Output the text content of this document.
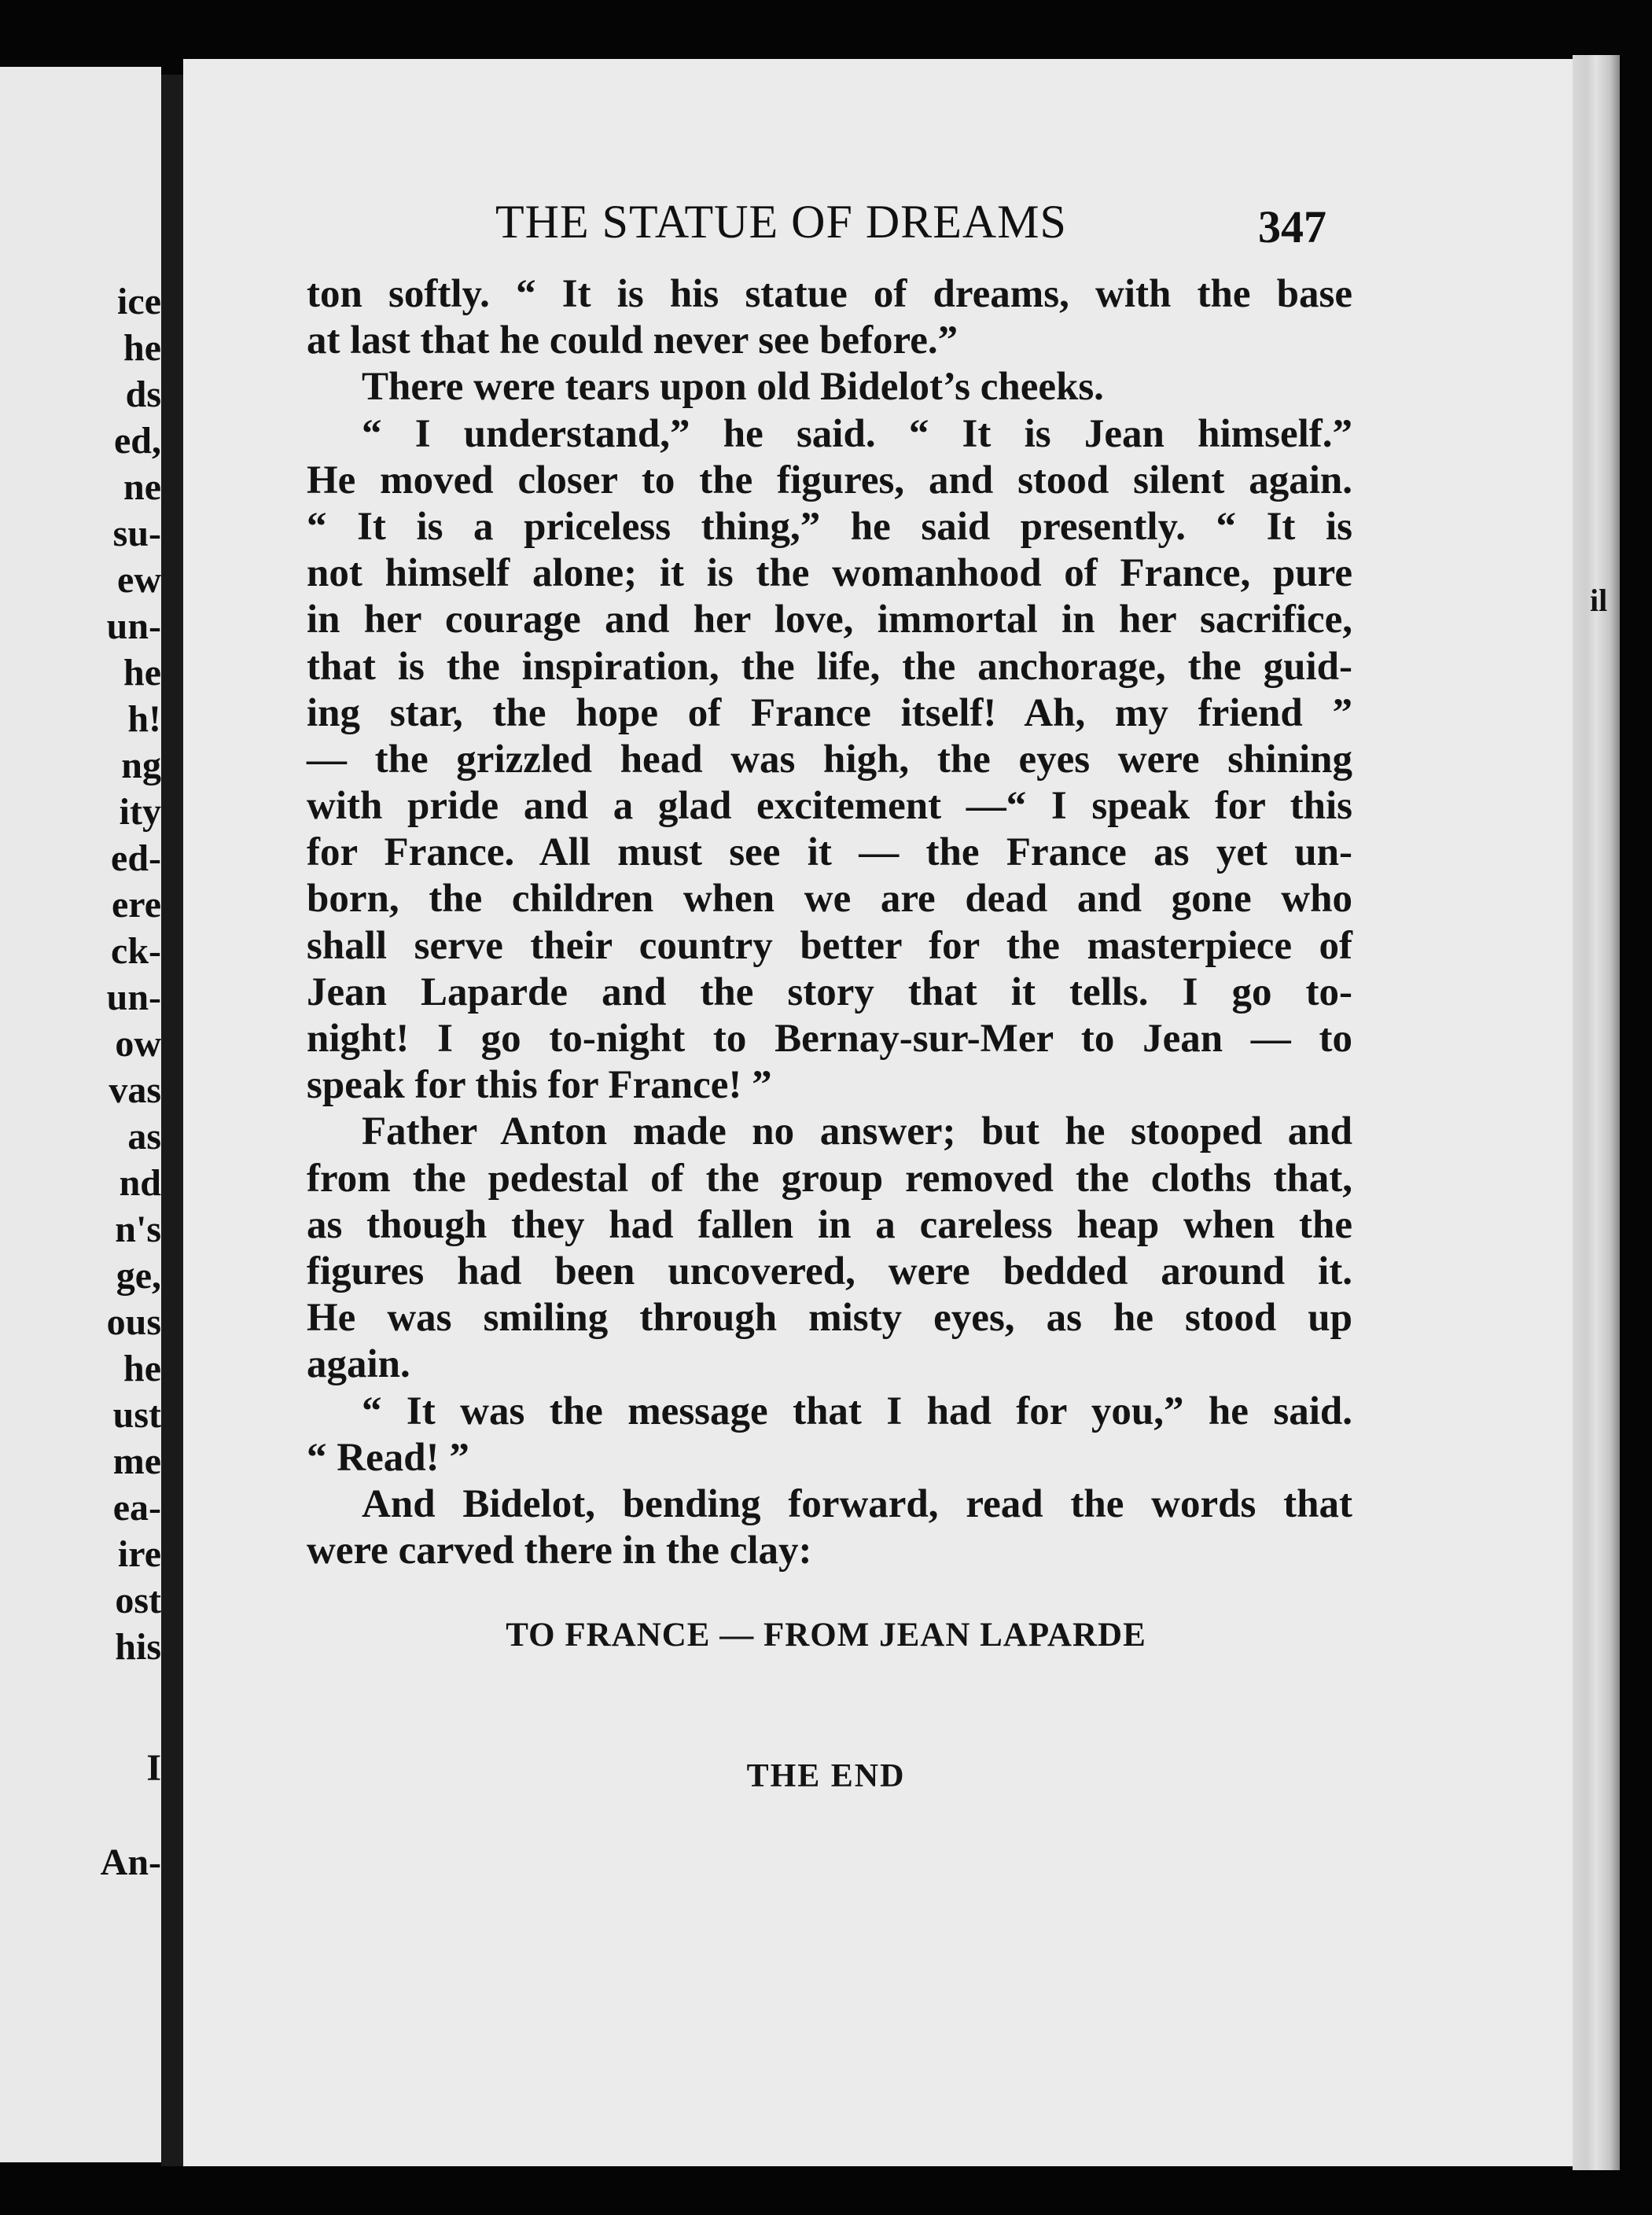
ice
he
ds
ed,
ne
su-
ew
un-
he
h!
ng
ity
ed-
ere
ck-
un-
ow
vas
as
nd
n's
ge,
ous
he
ust
me
ea-
ire
ost
his
I
An-
il
THE STATUE OF DREAMS	347
ton softly. “ It is his statue of dreams, with the base
at last that he could never see before.”
There were tears upon old Bidelot’s cheeks.
“ I understand,” he said. “ It is Jean himself.”
He moved closer to the figures, and stood silent again.
“ It is a priceless thing,” he said presently. “ It is
not himself alone; it is the womanhood of France, pure
in her courage and her love, immortal in her sacrifice,
that is the inspiration, the life, the anchorage, the guid-
ing star, the hope of France itself! Ah, my friend ”
— the grizzled head was high, the eyes were shining
with pride and a glad excitement —“ I speak for this
for France. All must see it — the France as yet un-
born, the children when we are dead and gone who
shall serve their country better for the masterpiece of
Jean Laparde and the story that it tells. I go to-
night! I go to-night to Bernay-sur-Mer to Jean — to
speak for this for France! ”
Father Anton made no answer; but he stooped and
from the pedestal of the group removed the cloths that,
as though they had fallen in a careless heap when the
figures had been uncovered, were bedded around it.
He was smiling through misty eyes, as he stood up
again.
“ It was the message that I had for you,” he said.
“ Read! ”
And Bidelot, bending forward, read the words that
were carved there in the clay:
TO FRANCE — FROM JEAN LAPARDE
THE END
